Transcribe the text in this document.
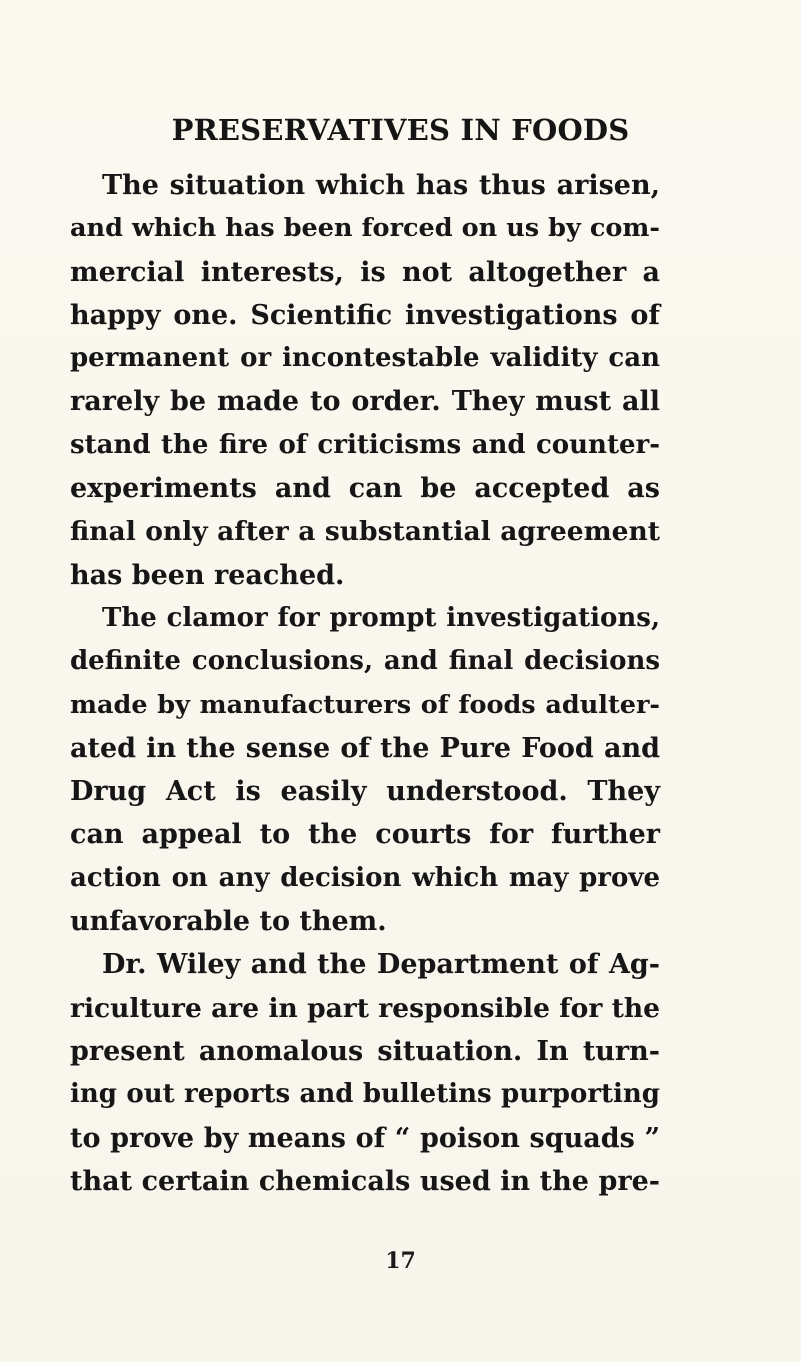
PRESERVATIVES IN FOODS
The situation which has thus arisen,
and which has been forced on us by com-
mercial interests, is not altogether a
happy one. Scientific investigations of
permanent or incontestable validity can
rarely be made to order. They must all
stand the fire of criticisms and counter-
experiments and can be accepted as
final only after a substantial agreement
has been reached.
The clamor for prompt investigations,
definite conclusions, and final decisions
made by manufacturers of foods adulter-
ated in the sense of the Pure Food and
Drug Act is easily understood. They
can appeal to the courts for further
action on any decision which may prove
unfavorable to them.
Dr. Wiley and the Department of Ag-
riculture are in part responsible for the
present anomalous situation. In turn-
ing out reports and bulletins purporting
to prove by means of “ poison squads ”
that certain chemicals used in the pre-
17
